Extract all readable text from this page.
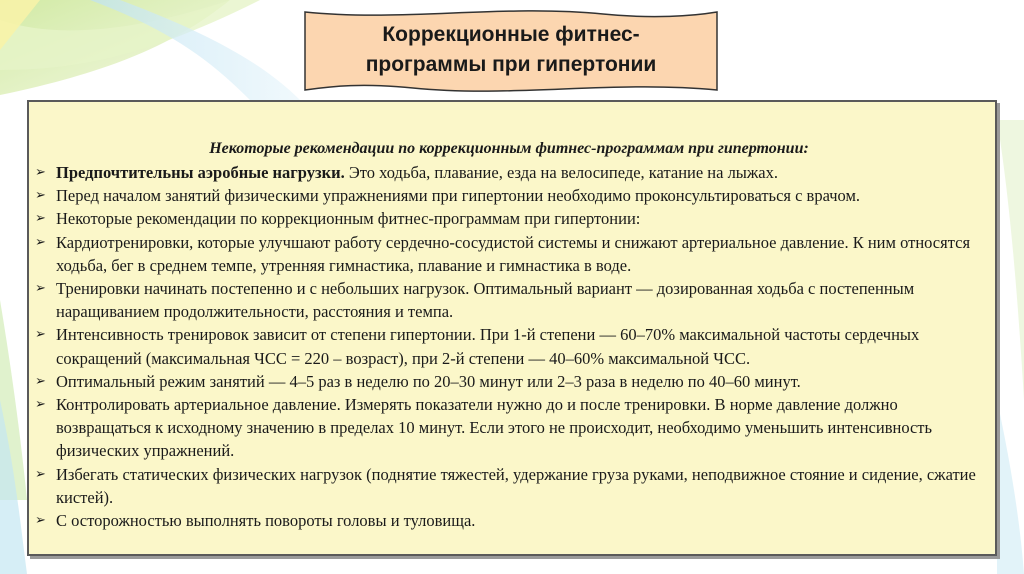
Коррекционные фитнес-
программы при гипертонии
Некоторые рекомендации по коррекционным фитнес-программам при гипертонии:
➢ Предпочтительны аэробные нагрузки. Это ходьба, плавание, езда на велосипеде, катание на лыжах.
➢ Перед началом занятий физическими упражнениями при гипертонии необходимо проконсультироваться с врачом.
➢ Некоторые рекомендации по коррекционным фитнес-программам при гипертонии:
➢ Кардиотренировки, которые улучшают работу сердечно-сосудистой системы и снижают артериальное давление. К ним относятся ходьба, бег в среднем темпе, утренняя гимнастика, плавание и гимнастика в воде.
➢ Тренировки начинать постепенно и с небольших нагрузок. Оптимальный вариант — дозированная ходьба с постепенным наращиванием продолжительности, расстояния и темпа.
➢ Интенсивность тренировок зависит от степени гипертонии. При 1-й степени — 60–70% максимальной частоты сердечных сокращений (максимальная ЧСС = 220 – возраст), при 2-й степени — 40–60% максимальной ЧСС.
➢ Оптимальный режим занятий — 4–5 раз в неделю по 20–30 минут или 2–3 раза в неделю по 40–60 минут.
➢ Контролировать артериальное давление. Измерять показатели нужно до и после тренировки. В норме давление должно возвращаться к исходному значению в пределах 10 минут. Если этого не происходит, необходимо уменьшить интенсивность физических упражнений.
➢ Избегать статических физических нагрузок (поднятие тяжестей, удержание груза руками, неподвижное стояние и сидение, сжатие кистей).
➢ С осторожностью выполнять повороты головы и туловища.
